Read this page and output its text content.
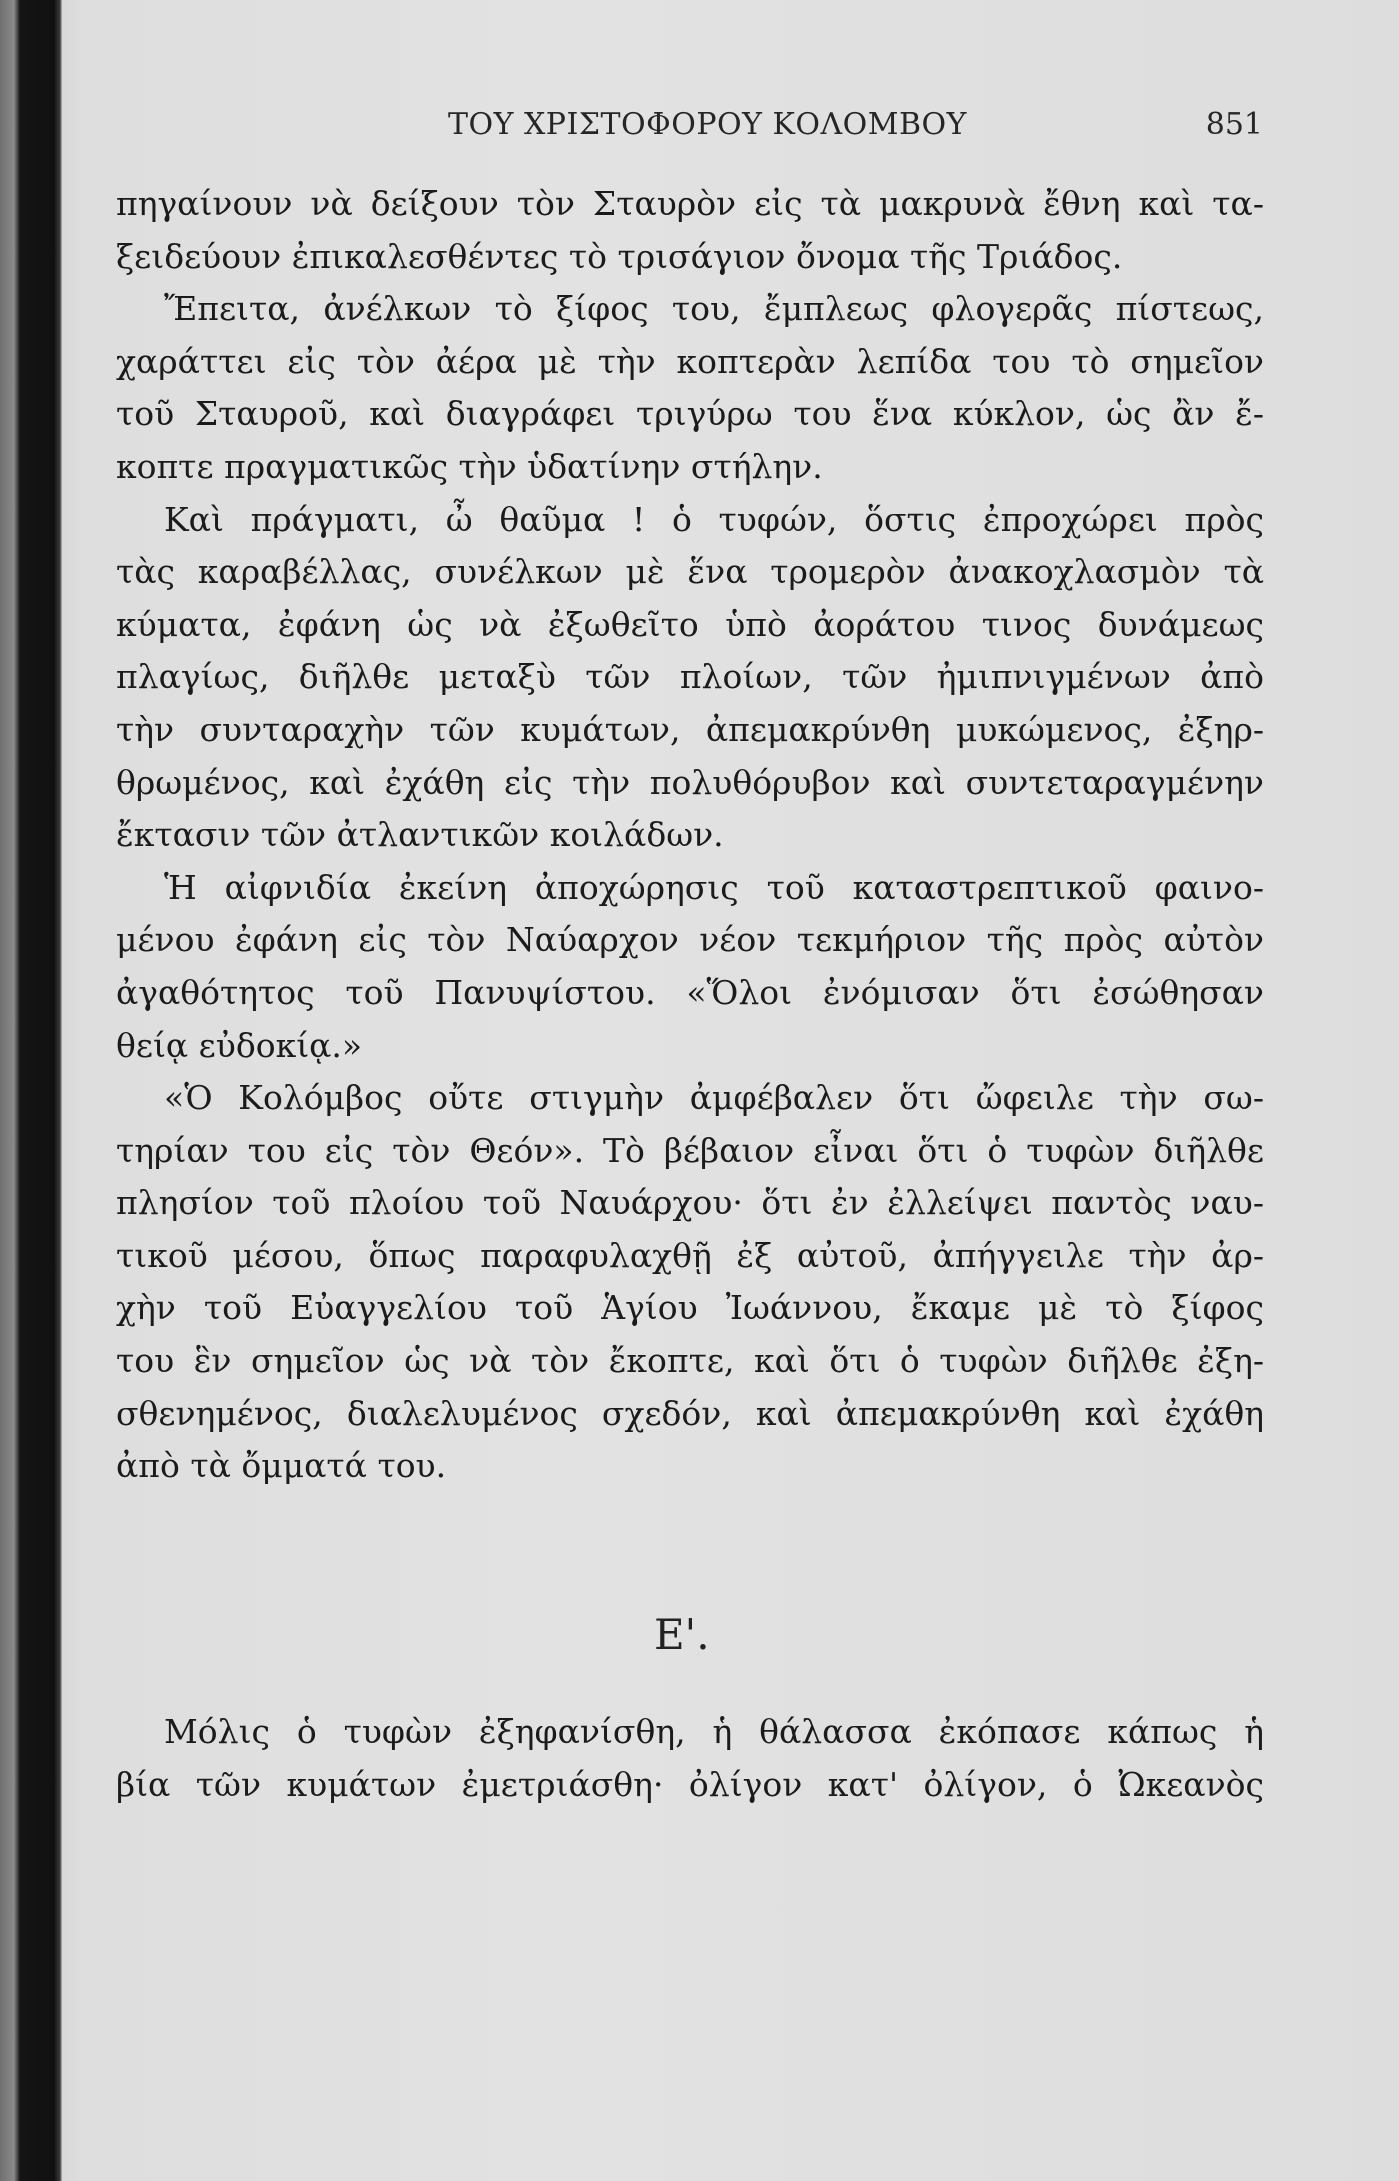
ΤΟΥ ΧΡΙΣΤΟΦΟΡΟΥ ΚΟΛΟΜΒΟΥ	851
πηγαίνουν νὰ δείξουν τὸν Σταυρὸν εἰς τὰ μακρυνὰ ἔθνη καὶ τα-
ξειδεύουν ἐπικαλεσθέντες τὸ τρισάγιον ὄνομα τῆς Τριάδος.
Ἔπειτα, ἀνέλκων τὸ ξίφος του, ἔμπλεως φλογερᾶς πίστεως,
χαράττει εἰς τὸν ἀέρα μὲ τὴν κοπτερὰν λεπίδα του τὸ σημεῖον
τοῦ Σταυροῦ, καὶ διαγράφει τριγύρω του ἕνα κύκλον, ὡς ἂν ἔ-
κοπτε πραγματικῶς τὴν ὑδατίνην στήλην.
Καὶ πράγματι, ὦ θαῦμα ! ὁ τυφών, ὅστις ἐπροχώρει πρὸς
τὰς καραβέλλας, συνέλκων μὲ ἕνα τρομερὸν ἀνακοχλασμὸν τὰ
κύματα, ἐφάνη ὡς νὰ ἐξωθεῖτο ὑπὸ ἀοράτου τινος δυνάμεως
πλαγίως, διῆλθε μεταξὺ τῶν πλοίων, τῶν ἠμιπνιγμένων ἀπὸ
τὴν συνταραχὴν τῶν κυμάτων, ἀπεμακρύνθη μυκώμενος, ἐξηρ-
θρωμένος, καὶ ἐχάθη εἰς τὴν πολυθόρυβον καὶ συντεταραγμένην
ἔκτασιν τῶν ἀτλαντικῶν κοιλάδων.
Ἡ αἰφνιδία ἐκείνη ἀποχώρησις τοῦ καταστρεπτικοῦ φαινο-
μένου ἐφάνη εἰς τὸν Ναύαρχον νέον τεκμήριον τῆς πρὸς αὐτὸν
ἀγαθότητος τοῦ Πανυψίστου. «Ὅλοι ἐνόμισαν ὅτι ἐσώθησαν
θείᾳ εὐδοκίᾳ.»
«Ὁ Κολόμβος οὔτε στιγμὴν ἀμφέβαλεν ὅτι ὤφειλε τὴν σω-
τηρίαν του εἰς τὸν Θεόν». Τὸ βέβαιον εἶναι ὅτι ὁ τυφὼν διῆλθε
πλησίον τοῦ πλοίου τοῦ Ναυάρχου· ὅτι ἐν ἐλλείψει παντὸς ναυ-
τικοῦ μέσου, ὅπως παραφυλαχθῇ ἐξ αὐτοῦ, ἀπήγγειλε τὴν ἀρ-
χὴν τοῦ Εὐαγγελίου τοῦ Ἁγίου Ἰωάννου, ἔκαμε μὲ τὸ ξίφος
του ἓν σημεῖον ὡς νὰ τὸν ἔκοπτε, καὶ ὅτι ὁ τυφὼν διῆλθε ἐξη-
σθενημένος, διαλελυμένος σχεδόν, καὶ ἀπεμακρύνθη καὶ ἐχάθη
ἀπὸ τὰ ὄμματά του.
Ε'.
Μόλις ὁ τυφὼν ἐξηφανίσθη, ἡ θάλασσα ἐκόπασε κάπως ἡ
βία τῶν κυμάτων ἐμετριάσθη· ὀλίγον κατ' ὀλίγον, ὁ Ὠκεανὸς
